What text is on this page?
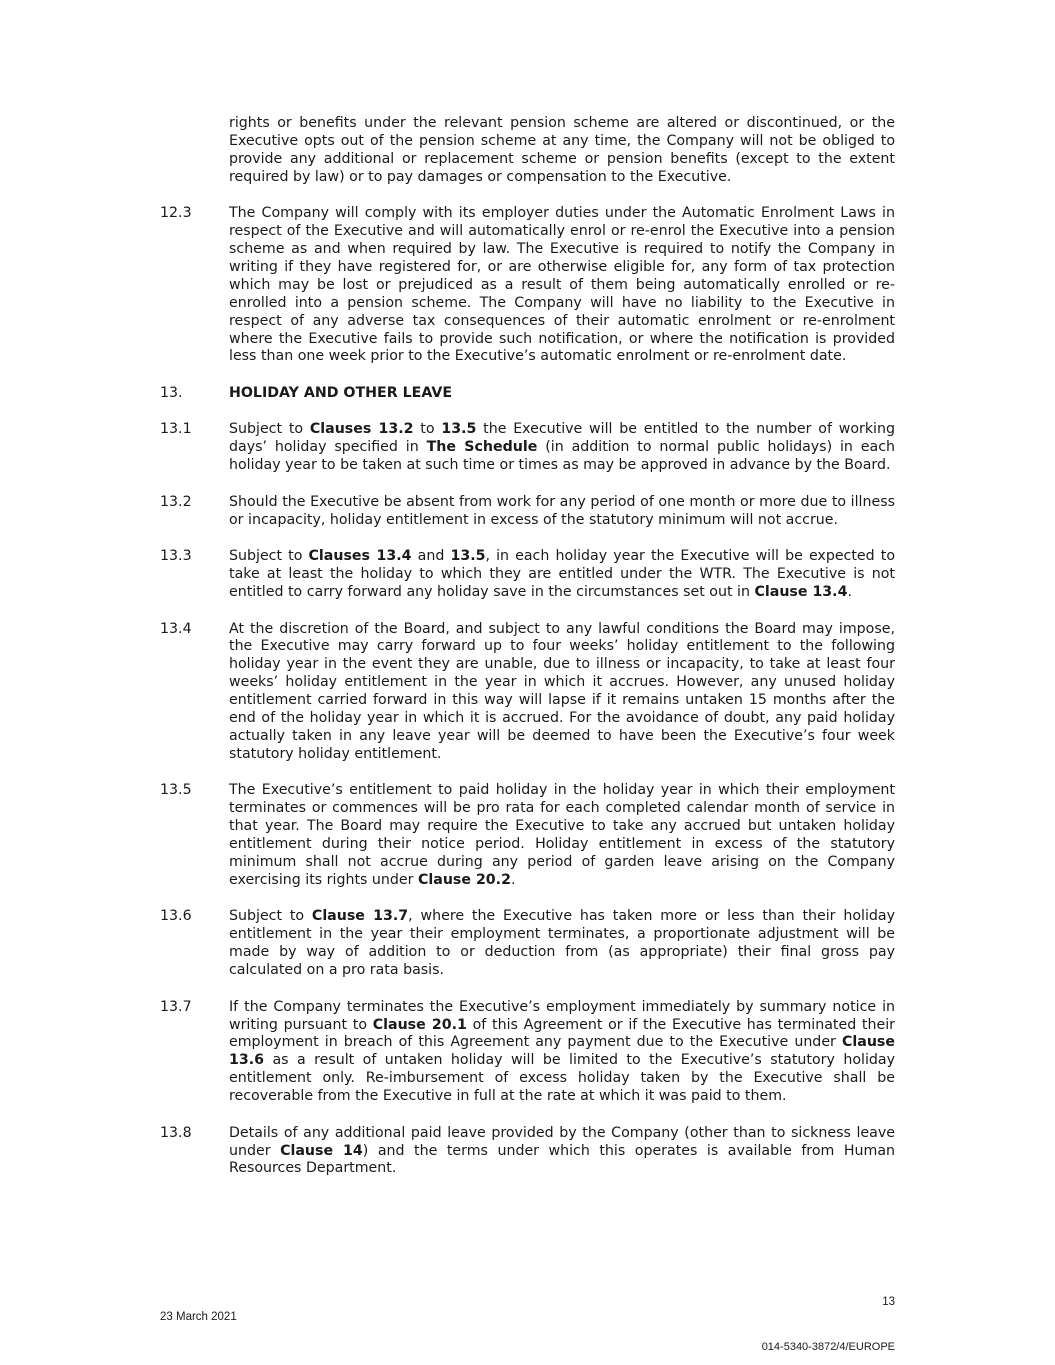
rights or benefits under the relevant pension scheme are altered or discontinued, or the Executive opts out of the pension scheme at any time, the Company will not be obliged to provide any additional or replacement scheme or pension benefits (except to the extent required by law) or to pay damages or compensation to the Executive.
12.3	The Company will comply with its employer duties under the Automatic Enrolment Laws in respect of the Executive and will automatically enrol or re-enrol the Executive into a pension scheme as and when required by law. The Executive is required to notify the Company in writing if they have registered for, or are otherwise eligible for, any form of tax protection which may be lost or prejudiced as a result of them being automatically enrolled or re-enrolled into a pension scheme. The Company will have no liability to the Executive in respect of any adverse tax consequences of their automatic enrolment or re-enrolment where the Executive fails to provide such notification, or where the notification is provided less than one week prior to the Executive’s automatic enrolment or re-enrolment date.
13.	HOLIDAY AND OTHER LEAVE
13.1	Subject to Clauses 13.2 to 13.5 the Executive will be entitled to the number of working days’ holiday specified in The Schedule (in addition to normal public holidays) in each holiday year to be taken at such time or times as may be approved in advance by the Board.
13.2	Should the Executive be absent from work for any period of one month or more due to illness or incapacity, holiday entitlement in excess of the statutory minimum will not accrue.
13.3	Subject to Clauses 13.4 and 13.5, in each holiday year the Executive will be expected to take at least the holiday to which they are entitled under the WTR. The Executive is not entitled to carry forward any holiday save in the circumstances set out in Clause 13.4.
13.4	At the discretion of the Board, and subject to any lawful conditions the Board may impose, the Executive may carry forward up to four weeks’ holiday entitlement to the following holiday year in the event they are unable, due to illness or incapacity, to take at least four weeks’ holiday entitlement in the year in which it accrues. However, any unused holiday entitlement carried forward in this way will lapse if it remains untaken 15 months after the end of the holiday year in which it is accrued. For the avoidance of doubt, any paid holiday actually taken in any leave year will be deemed to have been the Executive’s four week statutory holiday entitlement.
13.5	The Executive’s entitlement to paid holiday in the holiday year in which their employment terminates or commences will be pro rata for each completed calendar month of service in that year. The Board may require the Executive to take any accrued but untaken holiday entitlement during their notice period. Holiday entitlement in excess of the statutory minimum shall not accrue during any period of garden leave arising on the Company exercising its rights under Clause 20.2.
13.6	Subject to Clause 13.7, where the Executive has taken more or less than their holiday entitlement in the year their employment terminates, a proportionate adjustment will be made by way of addition to or deduction from (as appropriate) their final gross pay calculated on a pro rata basis.
13.7	If the Company terminates the Executive’s employment immediately by summary notice in writing pursuant to Clause 20.1 of this Agreement or if the Executive has terminated their employment in breach of this Agreement any payment due to the Executive under Clause 13.6 as a result of untaken holiday will be limited to the Executive’s statutory holiday entitlement only. Re-imbursement of excess holiday taken by the Executive shall be recoverable from the Executive in full at the rate at which it was paid to them.
13.8	Details of any additional paid leave provided by the Company (other than to sickness leave under Clause 14) and the terms under which this operates is available from Human Resources Department.
13
23 March 2021
014-5340-3872/4/EUROPE
